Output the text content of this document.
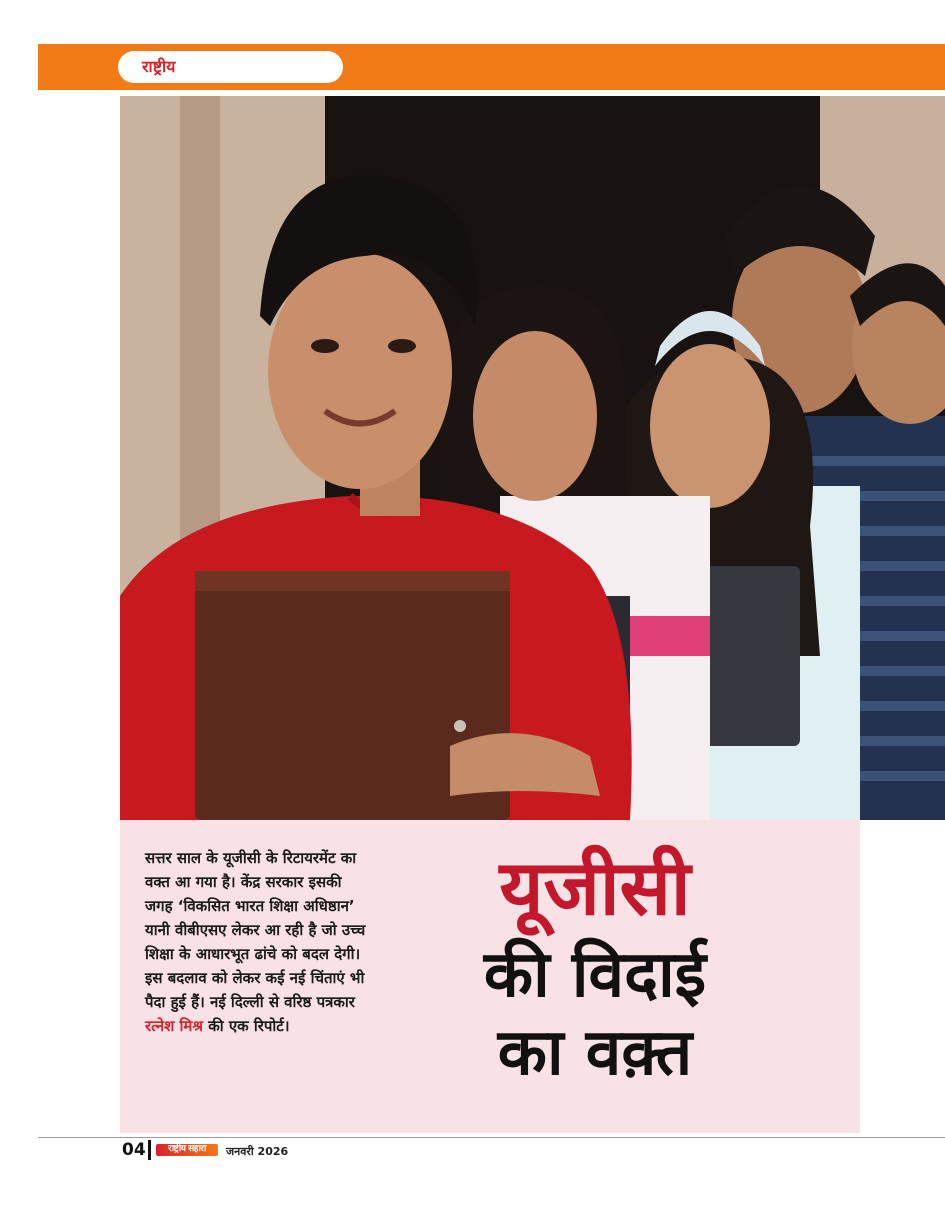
राष्ट्रीय
सत्तर साल के यूजीसी के रिटायरमेंट का वक्त आ गया है। केंद्र सरकार इसकी जगह ‘विकसित भारत शिक्षा अधिष्ठान’ यानी वीबीएसए लेकर आ रही है जो उच्च शिक्षा के आधारभूत ढांचे को बदल देगी। इस बदलाव को लेकर कई नई चिंताएं भी पैदा हुई हैं। नई दिल्ली से वरिष्ठ पत्रकार रत्नेश मिश्र की एक रिपोर्ट।
यूजीसी
की विदाई
का वक़्त
04	राष्ट्रीय सहारा	जनवरी 2026
